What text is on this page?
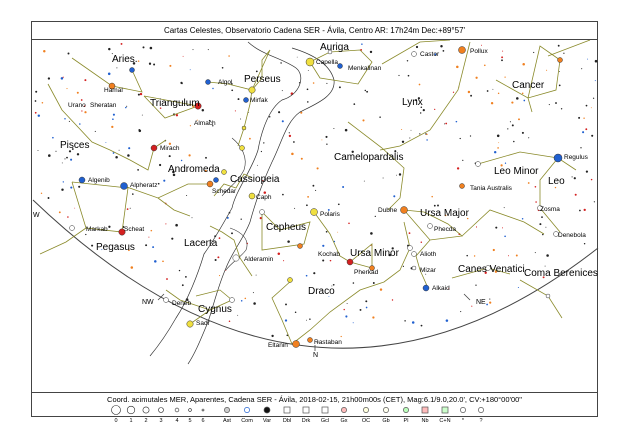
Aries
Triangulum
Perseus
Auriga
Lynx
Cancer
Pisces
Andromeda
Cassiopeia
Camelopardalis
Leo Minor
Leo
Ursa Major
Pegasus	Lacerta
Cepheus
Ursa Minor
Canes Venatici Coma Berenices
Draco
Cygnus
Hamal
Sheratan
Urano
Algol
Mirfak
Almach
Mirach
Capella
Menkalinan
Castor	Pollux
Algenib
Alpheratz
Schedar
Caph
Markab	Scheat
Polaris
Dubhe
Tania Australis
Regulus
Zosma
Denebola
Phecda
Alderamin
Kochab
Pherkad
Alioth
Mizar
Alkaid
Deneb
Sadr
Eltanin	Rastaban
NW
N
NE
W
Cartas Celestes, Observatorio Cadena SER - Ávila, Centro AR: 17h24m Dec:+89°57'
Coord. acimutales MER, Aparentes, Cadena SER - Ávila, 2018-02-15, 21h00m00s (CET), Mag:6.1/9.0,20.0', CV:+180°00'00"
0 1 2 3 4 5 6	Ast Com Var Dbl Drk Gcl Gx	OC Gb	Pl Nb C+N *	?
